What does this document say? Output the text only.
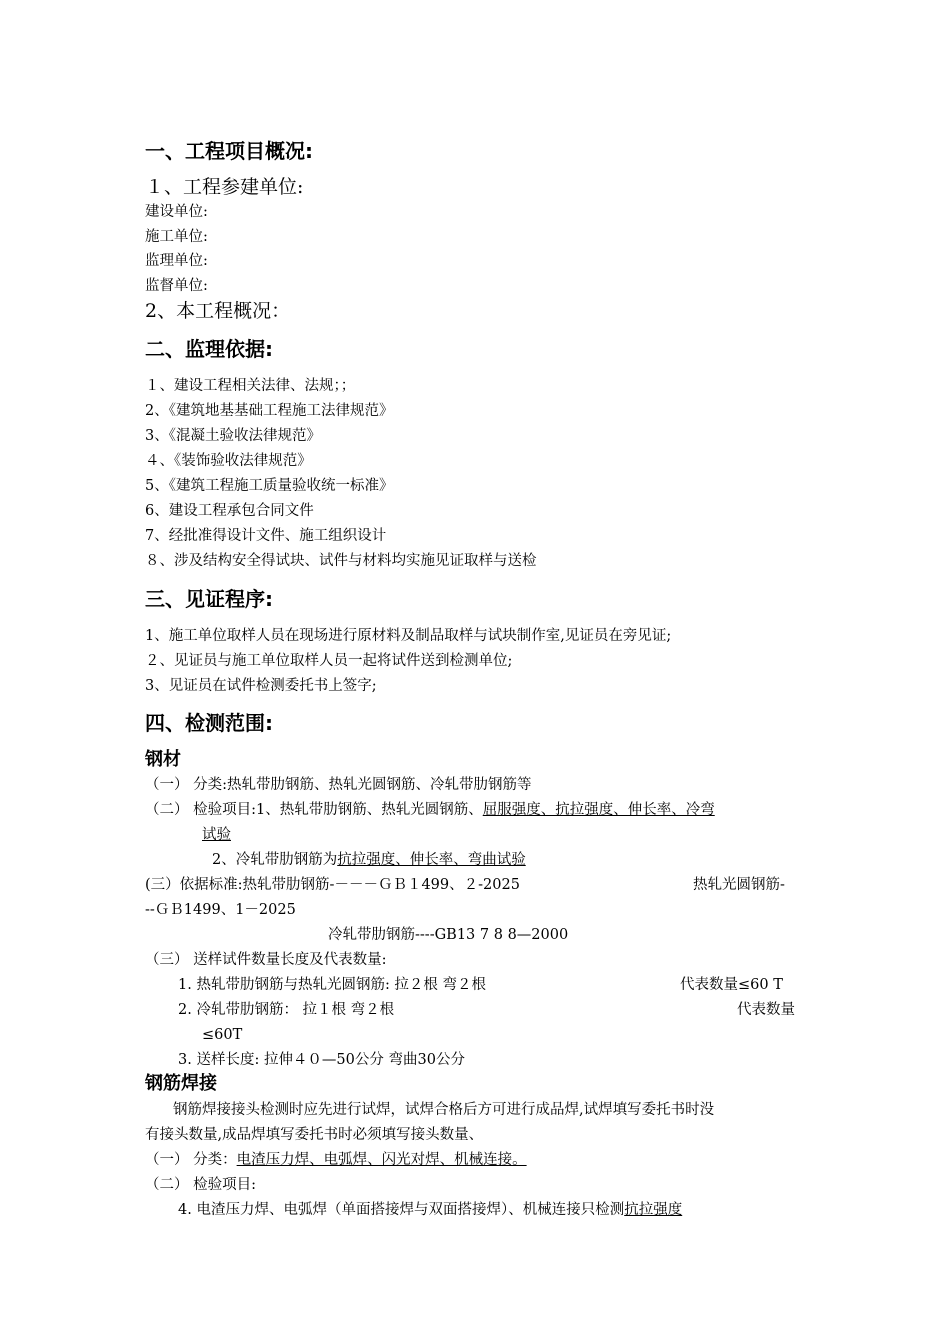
一、工程项目概况:
１、工程参建单位:
建设单位:
施工单位:
监理单位:
监督单位:
2、本工程概况：
二、监理依据:
１、建设工程相关法律、法规；；
2、《建筑地基基础工程施工法律规范》
3、《混凝土验收法律规范》
４、《装饰验收法律规范》
5、《建筑工程施工质量验收统一标准》
6、建设工程承包合同文件
7、经批准得设计文件、施工组织设计
８、涉及结构安全得试块、试件与材料均实施见证取样与送检
三、见证程序:
1、施工单位取样人员在现场进行原材料及制品取样与试块制作室,见证员在旁见证;
２、见证员与施工单位取样人员一起将试件送到检测单位;
3、见证员在试件检测委托书上签字;
四、检测范围:
钢材
（一） 分类:热轧带肋钢筋、热轧光圆钢筋、冷轧带肋钢筋等
（二） 检验项目:1、热轧带肋钢筋、热轧光圆钢筋、屈服强度、抗拉强度、伸长率、冷弯
试验
2、冷轧带肋钢筋为抗拉强度、伸长率、弯曲试验
(三）依据标准:热轧带肋钢筋-－－－ＧＢ１499、２-2025	热轧光圆钢筋-
--ＧＢ1499、1－2025
冷轧带肋钢筋----GB13 7 8 8—2000
（三） 送样试件数量长度及代表数量:
1. 热轧带肋钢筋与热轧光圆钢筋: 拉２根 弯２根	代表数量≤60 T
2. 冷轧带肋钢筋： 拉１根 弯２根	代表数量
≤60T
3. 送样长度: 拉伸４０—50公分 弯曲30公分
钢筋焊接
钢筋焊接接头检测时应先进行试焊，试焊合格后方可进行成品焊,试焊填写委托书时没
有接头数量,成品焊填写委托书时必须填写接头数量、
（一） 分类：电渣压力焊、电弧焊、闪光对焊、机械连接。
（二） 检验项目:
4. 电渣压力焊、电弧焊（单面搭接焊与双面搭接焊）、机械连接只检测抗拉强度
